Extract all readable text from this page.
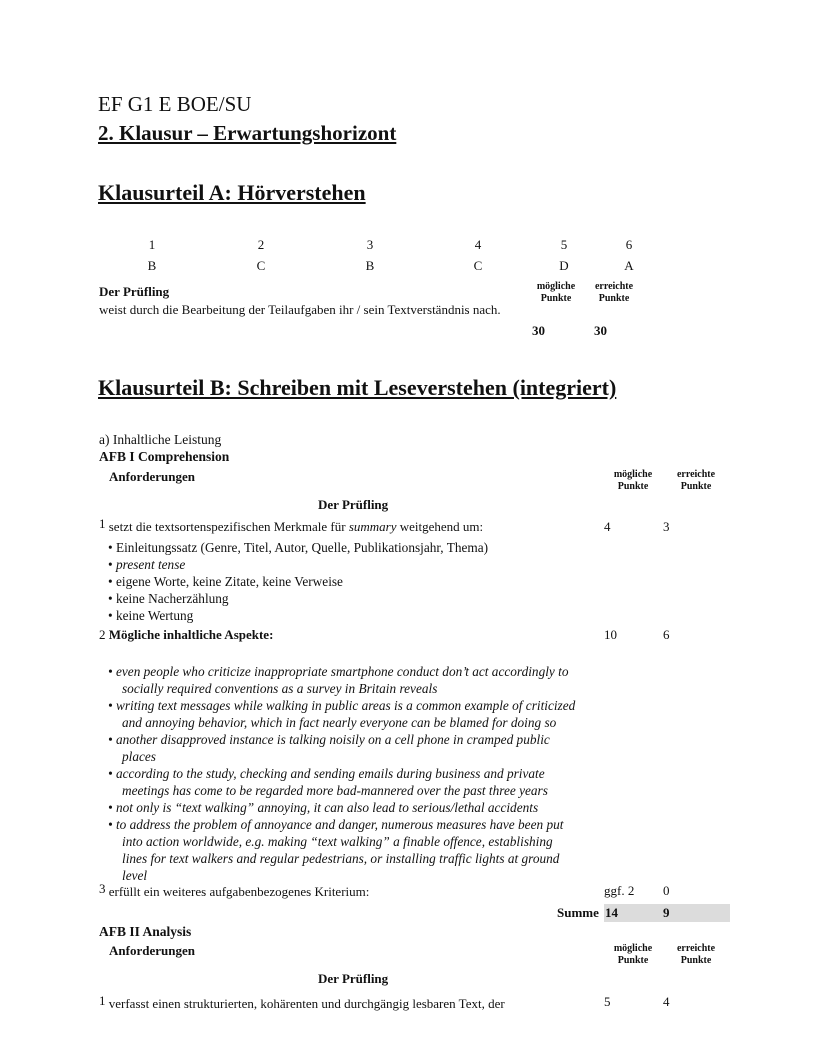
EF G1 E BOE/SU
2. Klausur – Erwartungshorizont
Klausurteil A: Hörverstehen
1	2	3	4	5	6
B	C	B	C	D	A
Der Prüfling
weist durch die Bearbeitung der Teilaufgaben ihr / sein Textverständnis nach.
mögliche
Punkte
erreichte
Punkte
30	30
Klausurteil B: Schreiben mit Leseverstehen (integriert)
a) Inhaltliche Leistung
AFB I Comprehension
Anforderungen	mögliche
Punkte
erreichte
Punkte
Der Prüfling
1 setzt die textsortenspezifischen Merkmale für summary weitgehend um:	4	3
• Einleitungssatz (Genre, Titel, Autor, Quelle, Publikationsjahr, Thema)
• present tense
• eigene Worte, keine Zitate, keine Verweise
• keine Nacherzählung
• keine Wertung
2 Mögliche inhaltliche Aspekte:	10	6
• even people who criticize inappropriate smartphone conduct don’t act accordingly to
socially required conventions as a survey in Britain reveals
• writing text messages while walking in public areas is a common example of criticized
and annoying behavior, which in fact nearly everyone can be blamed for doing so
• another disapproved instance is talking noisily on a cell phone in cramped public
places
• according to the study, checking and sending emails during business and private
meetings has come to be regarded more bad-mannered over the past three years
• not only is “text walking” annoying, it can also lead to serious/lethal accidents
• to address the problem of annoyance and danger, numerous measures have been put
into action worldwide, e.g. making “text walking” a finable offence, establishing
lines for text walkers and regular pedestrians, or installing traffic lights at ground
level
3 erfüllt ein weiteres aufgabenbezogenes Kriterium:	ggf. 2 0
Summe 14	9
AFB II Analysis
Anforderungen	mögliche
Punkte
erreichte
Punkte
Der Prüfling
1 verfasst einen strukturierten, kohärenten und durchgängig lesbaren Text, der	5	4
